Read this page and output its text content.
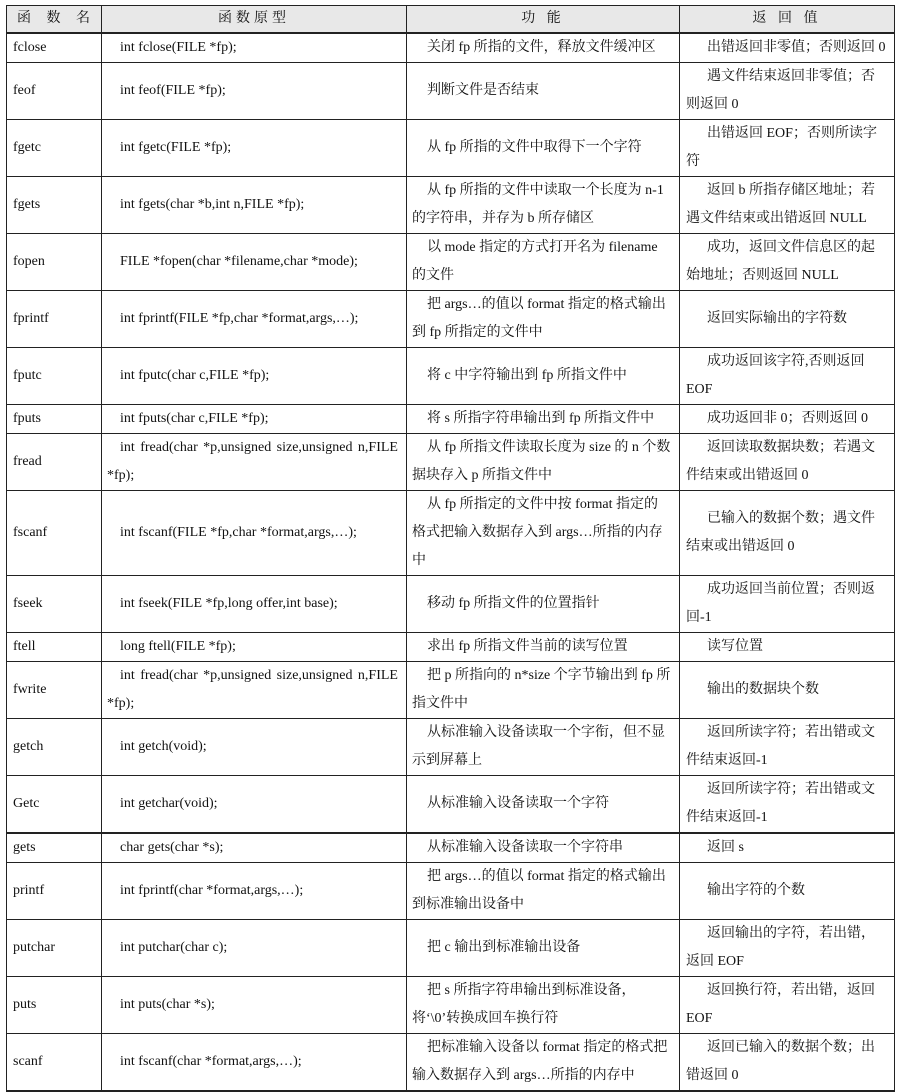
函 数 名	函数原型	功 能	返 回 值
fclose	int fclose(FILE *fp);	关闭 fp 所指的文件，释放文件缓冲区	出错返回非零值；否则返回 0
feof	int feof(FILE *fp);	判断文件是否结束	遇文件结束返回非零值；否则返回 0
fgetc	int fgetc(FILE *fp);	从 fp 所指的文件中取得下一个字符	出错返回 EOF；否则所读字符
fgets	int fgets(char *b,int n,FILE *fp);	从 fp 所指的文件中读取一个长度为 n-1 的字符串，并存为 b 所存储区	返回 b 所指存储区地址；若遇文件结束或出错返回 NULL
fopen	FILE *fopen(char *filename,char *mode);	以 mode 指定的方式打开名为 filename 的文件	成功，返回文件信息区的起始地址；否则返回 NULL
fprintf	int fprintf(FILE *fp,char *format,args,…);	把 args…的值以 format 指定的格式输出到 fp 所指定的文件中	返回实际输出的字符数
fputc	int fputc(char c,FILE *fp);	将 c 中字符输出到 fp 所指文件中	成功返回该字符,否则返回EOF
fputs	int fputs(char c,FILE *fp);	将 s 所指字符串输出到 fp 所指文件中	成功返回非 0；否则返回 0
fread	int fread(char *p,unsigned size,unsigned n,FILE *fp);	从 fp 所指文件读取长度为 size 的 n 个数据块存入 p 所指文件中	返回读取数据块数；若遇文件结束或出错返回 0
fscanf	int fscanf(FILE *fp,char *format,args,…);	从 fp 所指定的文件中按 format 指定的格式把输入数据存入到 args…所指的内存中	已输入的数据个数；遇文件结束或出错返回 0
fseek	int fseek(FILE *fp,long offer,int base);	移动 fp 所指文件的位置指针	成功返回当前位置；否则返回-1
ftell	long ftell(FILE *fp);	求出 fp 所指文件当前的读写位置	读写位置
fwrite	int fread(char *p,unsigned size,unsigned n,FILE *fp);	把 p 所指向的 n*size 个字节输出到 fp 所指文件中	输出的数据块个数
getch	int getch(void);	从标准输入设备读取一个字衔，但不显示到屏幕上	返回所读字符；若出错或文件结束返回-1
Getc	int getchar(void);	从标准输入设备读取一个字符	返回所读字符；若出错或文件结束返回-1
gets	char gets(char *s);	从标准输入设备读取一个字符串	返回 s
printf	int fprintf(char *format,args,…);	把 args…的值以 format 指定的格式输出到标准输出设备中	输出字符的个数
putchar	int putchar(char c);	把 c 输出到标准输出设备	返回输出的字符，若出错，返回 EOF
puts	int puts(char *s);	把 s 所指字符串输出到标准设备，将‘\0’转换成回车换行符	返回换行符，若出错，返回 EOF
scanf	int fscanf(char *format,args,…);	把标准输入设备以 format 指定的格式把输入数据存入到 args…所指的内存中	返回已输入的数据个数；出错返回 0
